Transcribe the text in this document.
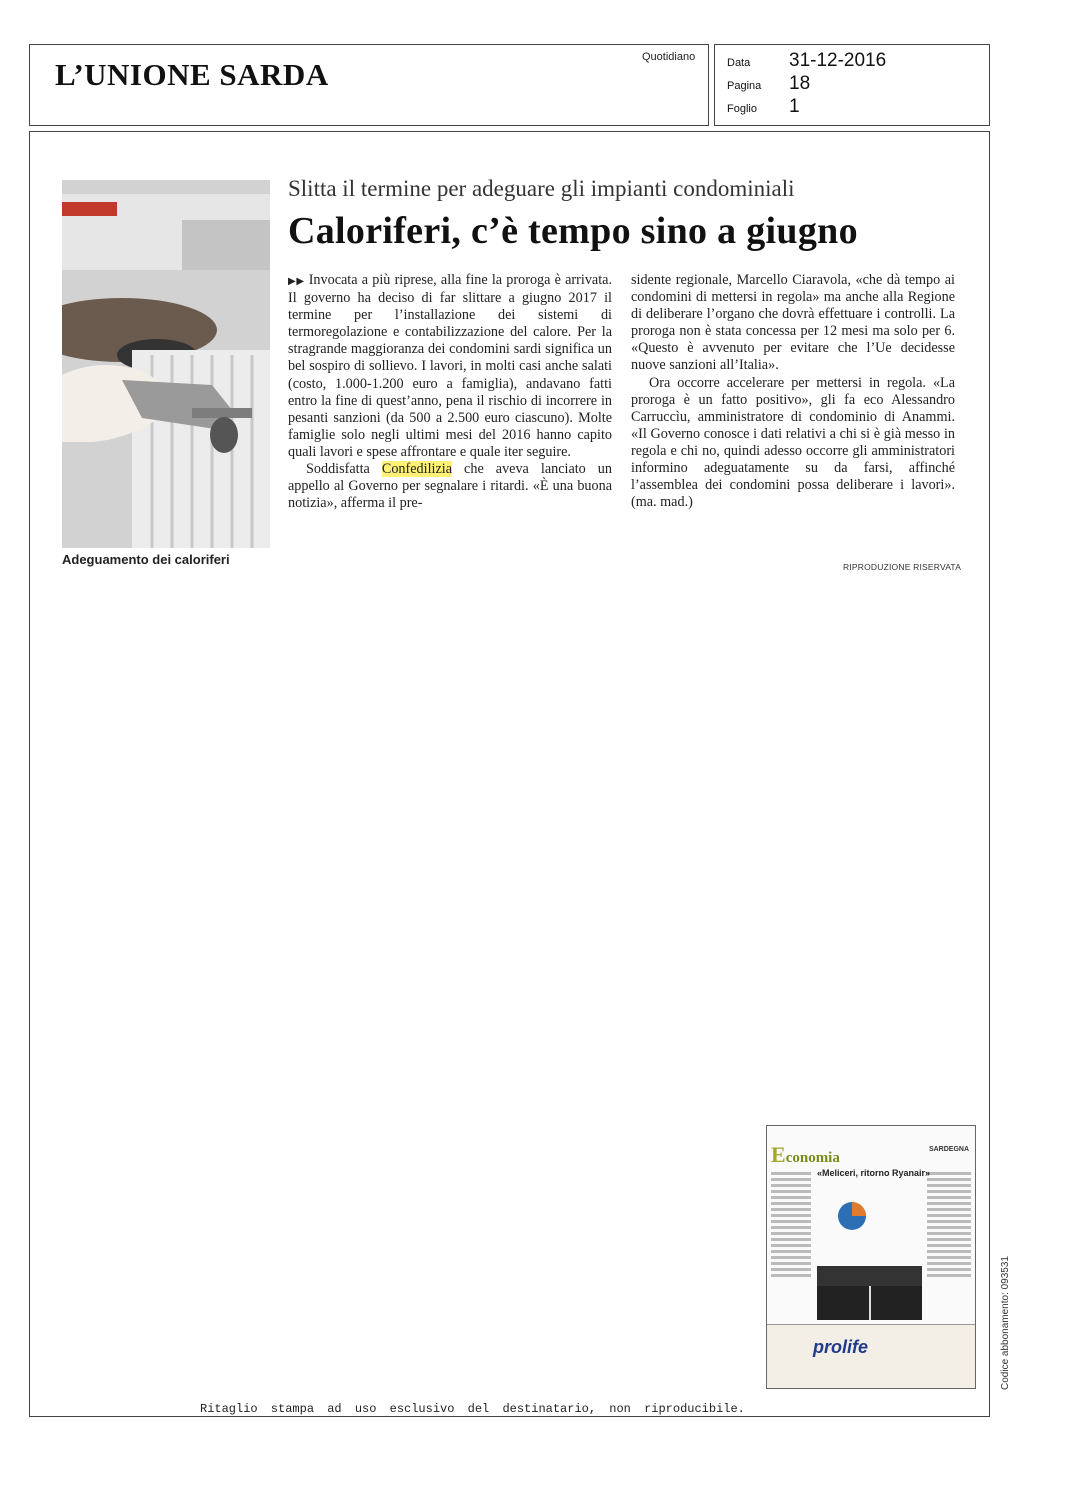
L’UNIONE SARDA	Quotidiano	Data 31-12-2016
Pagina 18
Foglio 1
Adeguamento dei caloriferi
Slitta il termine per adeguare gli impianti condominiali
Caloriferi, c’è tempo sino a giugno

▶▶ Invocata a più riprese, alla fine la proroga è arrivata. Il governo ha deciso di far slittare a giugno 2017 il termine per l’installazione dei sistemi di termoregolazione e contabilizzazione del calore. Per la stragrande maggioranza dei condomini sardi significa un bel sospiro di sollievo. I lavori, in molti casi anche salati (costo, 1.000-1.200 euro a famiglia), andavano fatti entro la fine di quest’anno, pena il rischio di incorrere in pesanti sanzioni (da 500 a 2.500 euro ciascuno). Molte famiglie solo negli ultimi mesi del 2016 hanno capito quali lavori e spese affrontare e quale iter seguire.

Soddisfatta Confedilizia che aveva lanciato un appello al Governo per segnalare i ritardi. «È una buona notizia», afferma il pre-

sidente regionale, Marcello Ciaravola, «che dà tempo ai condomini di mettersi in regola» ma anche alla Regione di deliberare l’organo che dovrà effettuare i controlli. La proroga non è stata concessa per 12 mesi ma solo per 6. «Questo è avvenuto per evitare che l’Ue decidesse nuove sanzioni all’Italia».

Ora occorre accelerare per mettersi in regola. «La proroga è un fatto positivo», gli fa eco Alessandro Carruccìu, amministratore di condominio di Anammi. «Il Governo conosce i dati relativi a chi si è già messo in regola e chi no, quindi adesso occorre gli amministratori informino adeguatamente su da farsi, affinché l’assemblea dei condomini possa deliberare i lavori». (ma. mad.)

RIPRODUZIONE RISERVATA
Economia
SARDEGNA
«Meliceri, ritorno Ryanair»
prolife	Codice abbonamento: 093531
Ritaglio stampa ad uso esclusivo del destinatario, non riproducibile.
